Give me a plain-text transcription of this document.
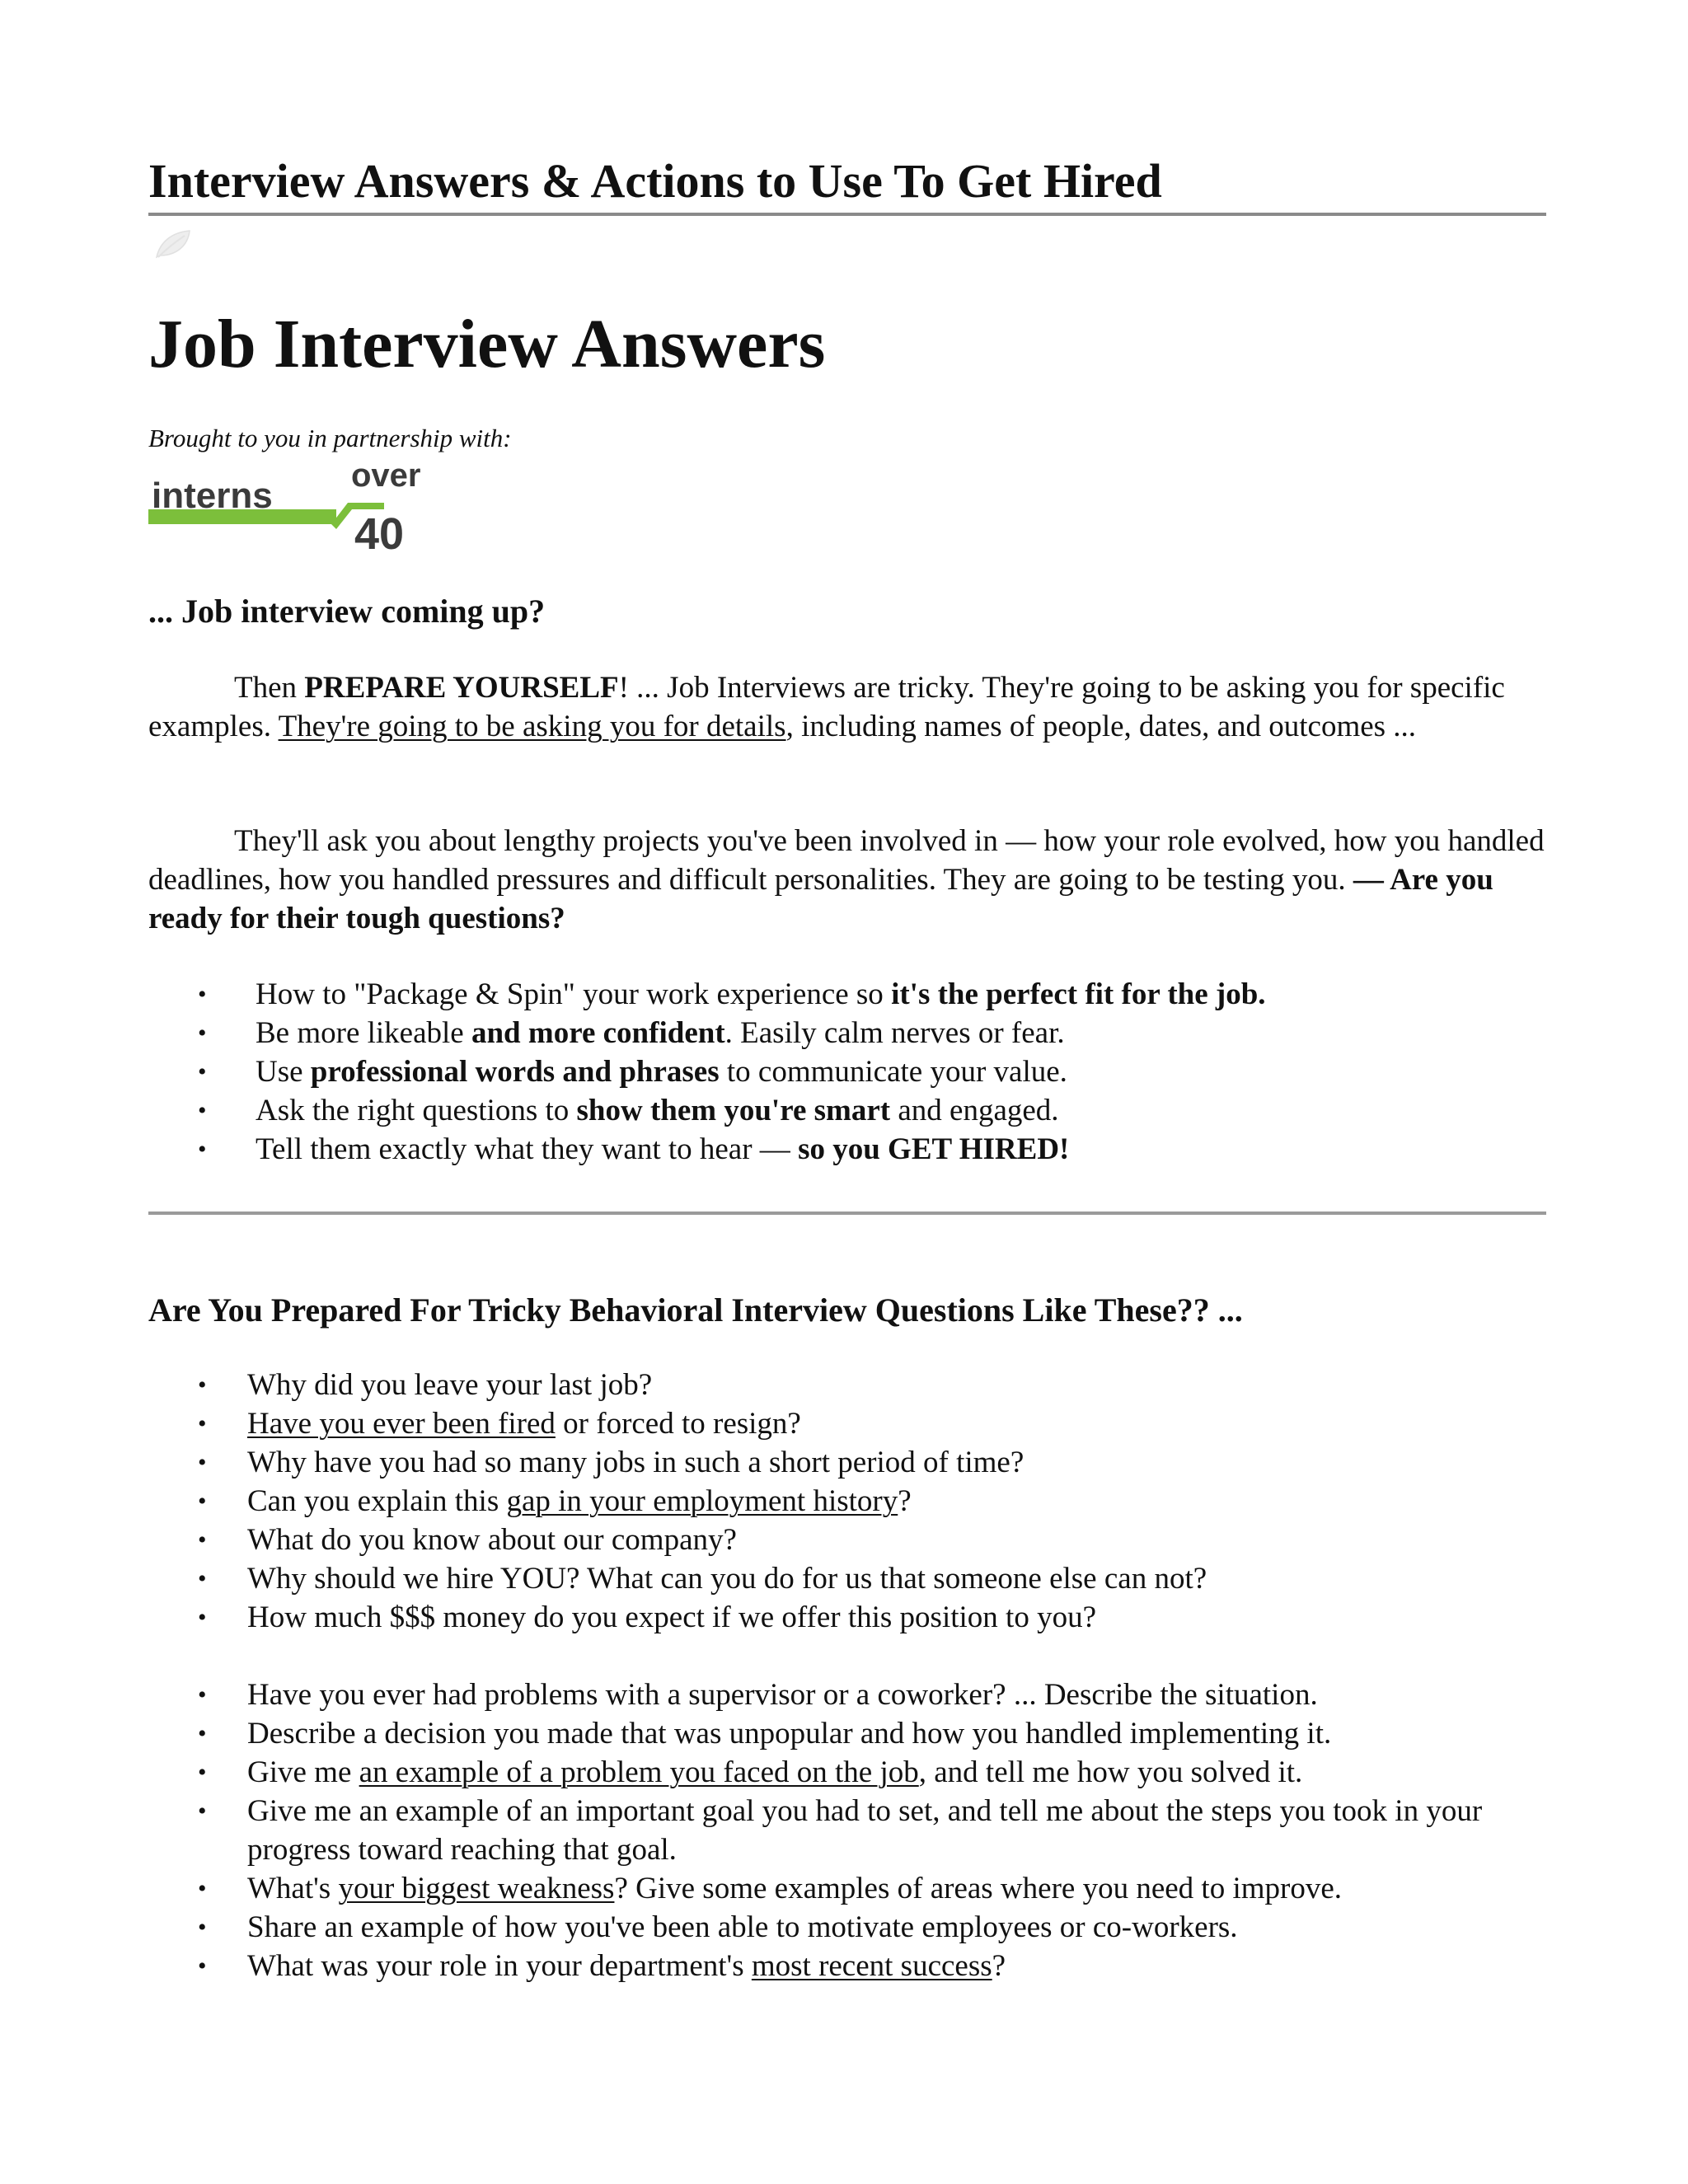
Interview Answers & Actions to Use To Get Hired
Job Interview Answers
Brought to you in partnership with:
interns over
40
... Job interview coming up?

Then PREPARE YOURSELF! ... Job Interviews are tricky. They're going to be asking you for specific examples. They're going to be asking you for details, including names of people, dates, and outcomes ...

They'll ask you about lengthy projects you've been involved in — how your role evolved, how you handled deadlines, how you handled pressures and difficult personalities. They are going to be testing you. — Are you ready for their tough questions?

• How to "Package & Spin" your work experience so it's the perfect fit for the job.
• Be more likeable and more confident. Easily calm nerves or fear.
• Use professional words and phrases to communicate your value.
• Ask the right questions to show them you're smart and engaged.
• Tell them exactly what they want to hear — so you GET HIRED!
Are You Prepared For Tricky Behavioral Interview Questions Like These?? ...
• Why did you leave your last job?
• Have you ever been fired or forced to resign?
• Why have you had so many jobs in such a short period of time?
• Can you explain this gap in your employment history?
• What do you know about our company?
• Why should we hire YOU? What can you do for us that someone else can not?
• How much $$$ money do you expect if we offer this position to you?
• Have you ever had problems with a supervisor or a coworker? ... Describe the situation.
• Describe a decision you made that was unpopular and how you handled implementing it.
• Give me an example of a problem you faced on the job, and tell me how you solved it.
• Give me an example of an important goal you had to set, and tell me about the steps you took in your progress toward reaching that goal.
• What's your biggest weakness? Give some examples of areas where you need to improve.
• Share an example of how you've been able to motivate employees or co-workers.
• What was your role in your department's most recent success?
